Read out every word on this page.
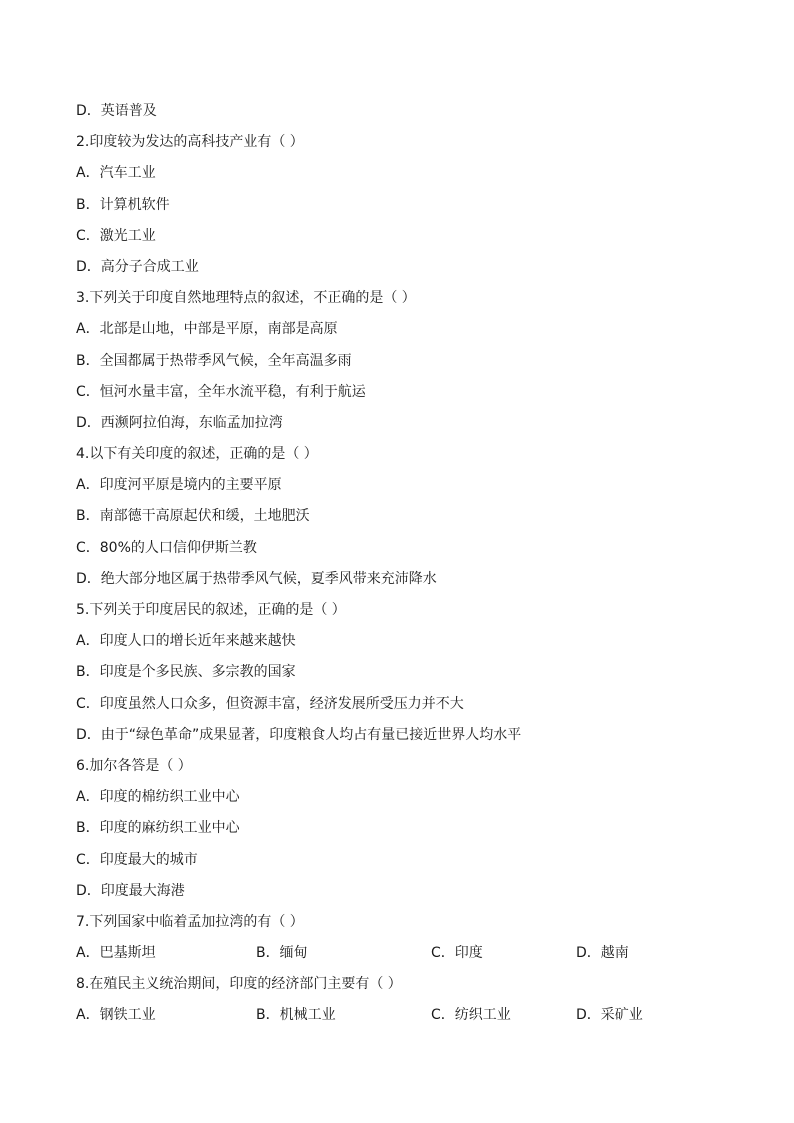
D．英语普及
2.印度较为发达的高科技产业有（ ）
A．汽车工业
B．计算机软件
C．激光工业
D．高分子合成工业
3.下列关于印度自然地理特点的叙述，不正确的是（ ）
A．北部是山地，中部是平原，南部是高原
B．全国都属于热带季风气候，全年高温多雨
C．恒河水量丰富，全年水流平稳，有利于航运
D．西濒阿拉伯海，东临孟加拉湾
4.以下有关印度的叙述，正确的是（ ）
A．印度河平原是境内的主要平原
B．南部德干高原起伏和缓，土地肥沃
C．80%的人口信仰伊斯兰教
D．绝大部分地区属于热带季风气候，夏季风带来充沛降水
5.下列关于印度居民的叙述，正确的是（ ）
A．印度人口的增长近年来越来越快
B．印度是个多民族、多宗教的国家
C．印度虽然人口众多，但资源丰富，经济发展所受压力并不大
D．由于“绿色革命”成果显著，印度粮食人均占有量已接近世界人均水平
6.加尔各答是（ ）
A．印度的棉纺织工业中心
B．印度的麻纺织工业中心
C．印度最大的城市
D．印度最大海港
7.下列国家中临着孟加拉湾的有（ ）
A．巴基斯坦	B．缅甸	C．印度	D．越南
8.在殖民主义统治期间，印度的经济部门主要有（ ）
A．钢铁工业	B．机械工业	C．纺织工业	D．采矿业
